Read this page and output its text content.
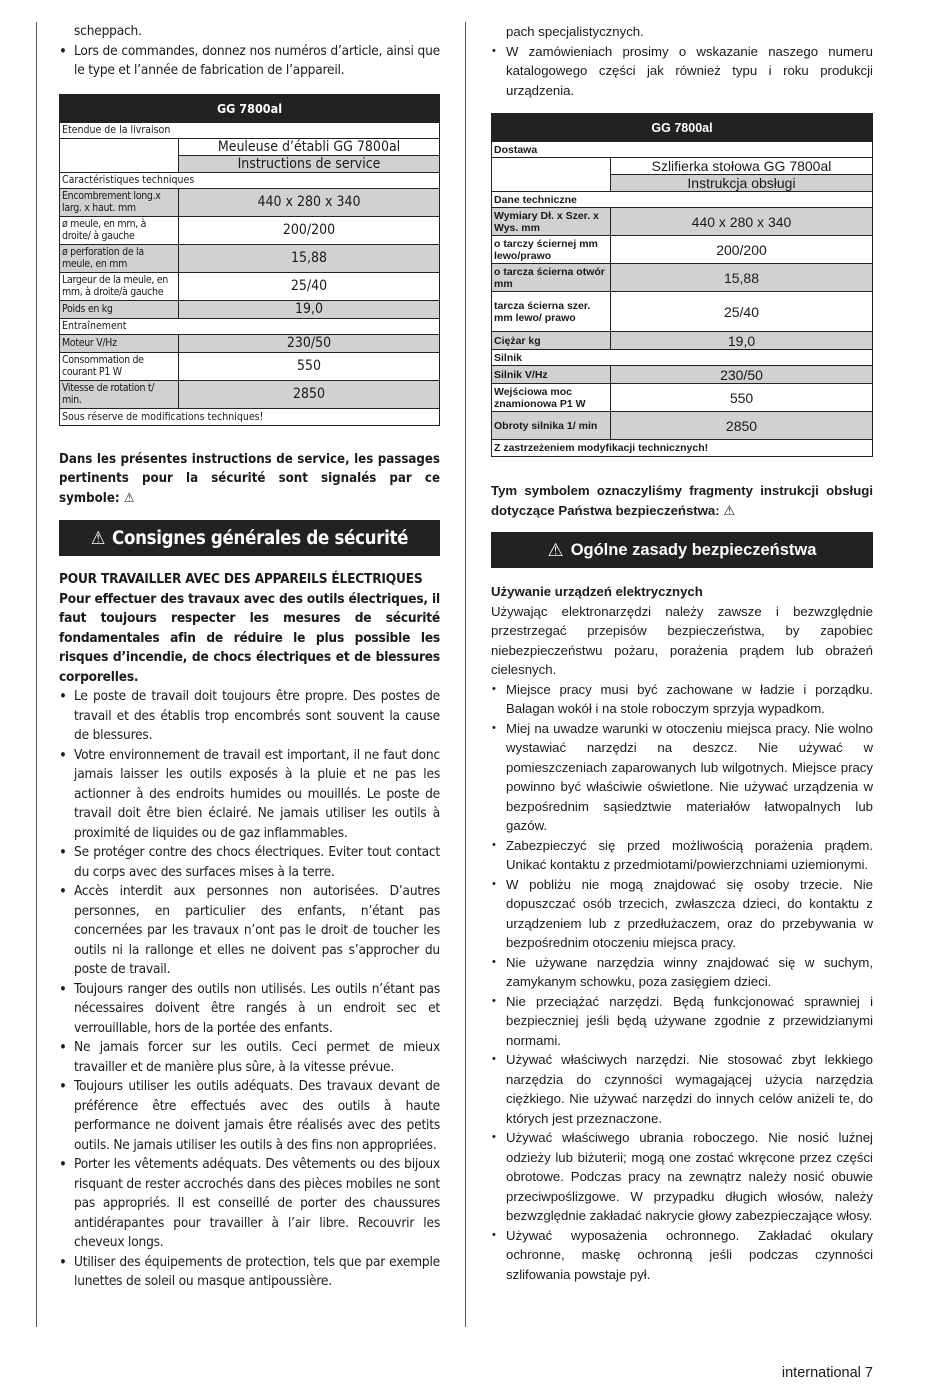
scheppach.

• Lors de commandes, donnez nos numéros d’article, ainsi que le type et l’année de fabrication de l’appareil.
GG 7800al	
Etendue de la livraison	
	Meuleuse d’établi GG 7800al
	Instructions de service
Caractéristiques techniques	
Encombrement long.x larg. x haut. mm	440 x 280 x 340
ø meule, en mm, à droite/ à gauche	200/200
ø perforation de la meule, en mm	15,88
Largeur de la meule, en mm, à droite/à gauche	25/40
Poids en kg	19,0
Entraînement	
Moteur V/Hz	230/50
Consommation de courant P1 W	550
Vitesse de rotation t/ min.	2850
Sous réserve de modifications techniques!	

Dans les présentes instructions de service, les passages pertinents pour la sécurité sont signalés par ce symbole: ⚠

⚠ Consignes générales de sécurité

POUR TRAVAILLER AVEC DES APPAREILS ÉLECTRIQUES

Pour effectuer des travaux avec des outils électriques, il faut toujours respecter les mesures de sécurité fondamentales afin de réduire le plus possible les risques d’incendie, de chocs électriques et de blessures corporelles.

• Le poste de travail doit toujours être propre. Des postes de travail et des établis trop encombrés sont souvent la cause de blessures.
• Votre environnement de travail est important, il ne faut donc jamais laisser les outils exposés à la pluie et ne pas les actionner à des endroits humides ou mouillés. Le poste de travail doit être bien éclairé. Ne jamais utiliser les outils à proximité de liquides ou de gaz inflammables.
• Se protéger contre des chocs électriques. Eviter tout contact du corps avec des surfaces mises à la terre.
• Accès interdit aux personnes non autorisées. D’autres personnes, en particulier des enfants, n’étant pas concernées par les travaux n’ont pas le droit de toucher les outils ni la rallonge et elles ne doivent pas s’approcher du poste de travail.
• Toujours ranger des outils non utilisés. Les outils n’étant pas nécessaires doivent être rangés à un endroit sec et verrouillable, hors de la portée des enfants.
• Ne jamais forcer sur les outils. Ceci permet de mieux travailler et de manière plus sûre, à la vitesse prévue.
• Toujours utiliser les outils adéquats. Des travaux devant de préférence être effectués avec des outils à haute performance ne doivent jamais être réalisés avec des petits outils. Ne jamais utiliser les outils à des fins non appropriées.
• Porter les vêtements adéquats. Des vêtements ou des bijoux risquant de rester accrochés dans des pièces mobiles ne sont pas appropriés. Il est conseillé de porter des chaussures antidérapantes pour travailler à l’air libre. Recouvrir les cheveux longs.
• Utiliser des équipements de protection, tels que par exemple lunettes de soleil ou masque antipoussière.

pach specjalistycznych.

• W zamówieniach prosimy o wskazanie naszego numeru katalogowego części jak również typu i roku produkcji urządzenia.
GG 7800al	
Dostawa	
	Szlifierka stołowa GG 7800al
	Instrukcja obsługi
Dane techniczne	
Wymiary Dł. x Szer. x Wys. mm	440 x 280 x 340
o tarczy ściernej mm lewo/prawo	200/200
o tarcza ścierna otwór mm	15,88
tarcza ścierna szer. mm lewo/ prawo	25/40
Ciężar kg	19,0
Silnik	
Silnik V/Hz	230/50
Wejściowa moc znamionowa P1 W	550
Obroty silnika 1/ min	2850
Z zastrzeżeniem modyfikacji technicznych!	

Tym symbolem oznaczyliśmy fragmenty instrukcji obsługi dotyczące Państwa bezpieczeństwa: ⚠

⚠ Ogólne zasady bezpieczeństwa

Używanie urządzeń elektrycznych

Używając elektronarzędzi należy zawsze i bezwzględnie przestrzegać przepisów bezpieczeństwa, by zapobiec niebezpieczeństwu pożaru, porażenia prądem lub obrażeń cielesnych.

• Miejsce pracy musi być zachowane w ładzie i porządku. Bałagan wokół i na stole roboczym sprzyja wypadkom.
• Miej na uwadze warunki w otoczeniu miejsca pracy. Nie wolno wystawiać narzędzi na deszcz. Nie używać w pomieszczeniach zaparowanych lub wilgotnych. Miejsce pracy powinno być właściwie oświetlone. Nie używać urządzenia w bezpośrednim sąsiedztwie materiałów łatwopalnych lub gazów.
• Zabezpieczyć się przed możliwością porażenia prądem. Unikać kontaktu z przedmiotami/powierzchniami uziemionymi.
• W pobliżu nie mogą znajdować się osoby trzecie. Nie dopuszczać osób trzecich, zwłaszcza dzieci, do kontaktu z urządzeniem lub z przedłużaczem, oraz do przebywania w bezpośrednim otoczeniu miejsca pracy.
• Nie używane narzędzia winny znajdować się w suchym, zamykanym schowku, poza zasięgiem dzieci.
• Nie przeciążać narzędzi. Będą funkcjonować sprawniej i bezpieczniej jeśli będą używane zgodnie z przewidzianymi normami.
• Używać właściwych narzędzi. Nie stosować zbyt lekkiego narzędzia do czynności wymagającej użycia narzędzia ciężkiego. Nie używać narzędzi do innych celów aniżeli te, do których jest przeznaczone.
• Używać właściwego ubrania roboczego. Nie nosić luźnej odzieży lub biżuterii; mogą one zostać wkręcone przez części obrotowe. Podczas pracy na zewnątrz należy nosić obuwie przeciwpoślizgowe. W przypadku długich włosów, należy bezwzględnie zakładać nakrycie głowy zabezpieczające włosy.
• Używać wyposażenia ochronnego. Zakładać okulary ochronne, maskę ochronną jeśli podczas czynności szlifowania powstaje pył.
international 7
